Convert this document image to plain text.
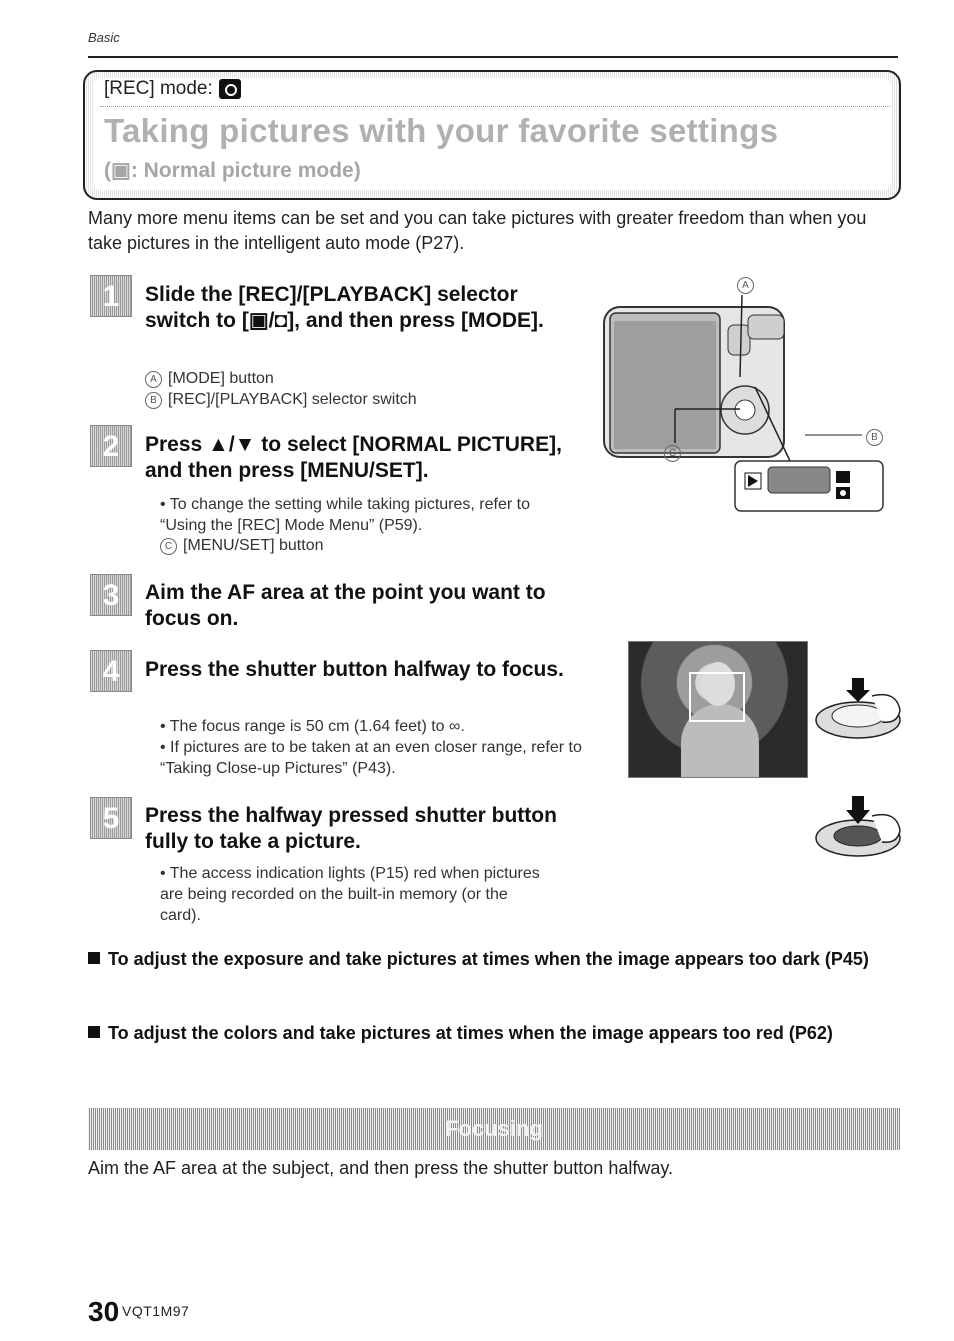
Basic
[REC] mode:
Taking pictures with your favorite settings
(▣: Normal picture mode)
Many more menu items can be set and you can take pictures with greater freedom than when you take pictures in the intelligent auto mode (P27).
1	Slide the [REC]/[PLAYBACK] selector switch to [▣/◘], and then press [MODE].
A [MODE] button
B [REC]/[PLAYBACK] selector switch
2	Press ▲/▼ to select [NORMAL PICTURE], and then press [MENU/SET].
• To change the setting while taking pictures, refer to “Using the [REC] Mode Menu” (P59).
C [MENU/SET] button
3	Aim the AF area at the point you want to focus on.
4	Press the shutter button halfway to focus.
• The focus range is 50 cm (1.64 feet) to ∞.
• If pictures are to be taken at an even closer range, refer to “Taking Close-up Pictures” (P43).
5	Press the halfway pressed shutter button fully to take a picture.
• The access indication lights (P15) red when pictures are being recorded on the built-in memory (or the card).
A
B
C
To adjust the exposure and take pictures at times when the image appears too dark (P45)
To adjust the colors and take pictures at times when the image appears too red (P62)
Focusing
Aim the AF area at the subject, and then press the shutter button halfway.
30 VQT1M97
